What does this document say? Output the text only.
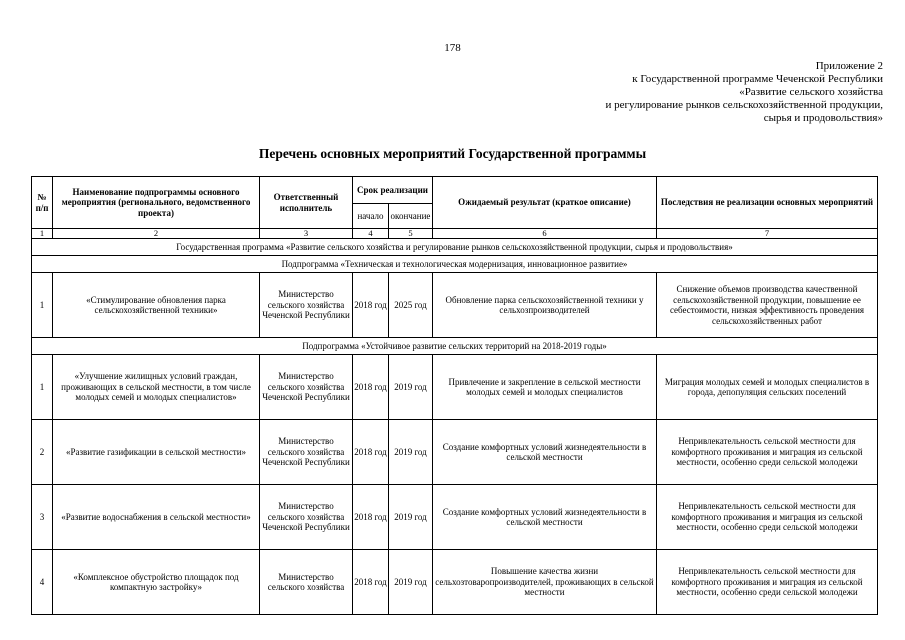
178
Приложение 2
к Государственной программе Чеченской Республики
«Развитие сельского хозяйства
и регулирование рынков сельскохозяйственной продукции,
сырья и продовольствия»
Перечень основных мероприятий Государственной программы
№ п/п	Наименование подпрограммы основного мероприятия (регионального, ведомственного проекта)	Ответственный исполнитель	Срок реализации		Ожидаемый результат (краткое описание)	Последствия не реализации основных мероприятий
			начало	окончание		
1	2	3	4	5	6	7
Государственная программа «Развитие сельского хозяйства и регулирование рынков сельскохозяйственной продукции, сырья и продовольствия»						
Подпрограмма «Техническая и технологическая модернизация, инновационное развитие»						
1	«Стимулирование обновления парка сельскохозяйственной техники»	Министерство сельского хозяйства Чеченской Республики	2018 год	2025 год	Обновление парка сельскохозяйственной техники у сельхозпроизводителей	Снижение объемов производства качественной сельскохозяйственной продукции, повышение ее себестоимости, низкая эффективность проведения сельскохозяйственных работ
Подпрограмма «Устойчивое развитие сельских территорий на 2018-2019 годы»						
1	«Улучшение жилищных условий граждан, проживающих в сельской местности, в том числе молодых семей и молодых специалистов»	Министерство сельского хозяйства Чеченской Республики	2018 год	2019 год	Привлечение и закрепление в сельской местности молодых семей и молодых специалистов	Миграция молодых семей и молодых специалистов в города, депопуляция сельских поселений
2	«Развитие газификации в сельской местности»	Министерство сельского хозяйства Чеченской Республики	2018 год	2019 год	Создание комфортных условий жизнедеятельности в сельской местности	Непривлекательность сельской местности для комфортного проживания и миграция из сельской местности, особенно среди сельской молодежи
3	«Развитие водоснабжения в сельской местности»	Министерство сельского хозяйства Чеченской Республики	2018 год	2019 год	Создание комфортных условий жизнедеятельности в сельской местности	Непривлекательность сельской местности для комфортного проживания и миграция из сельской местности, особенно среди сельской молодежи
4	«Комплексное обустройство площадок под компактную застройку»	Министерство сельского хозяйства	2018 год	2019 год	Повышение качества жизни сельхозтоваропроизводителей, проживающих в сельской местности	Непривлекательность сельской местности для комфортного проживания и миграция из сельской местности, особенно среди сельской молодежи
